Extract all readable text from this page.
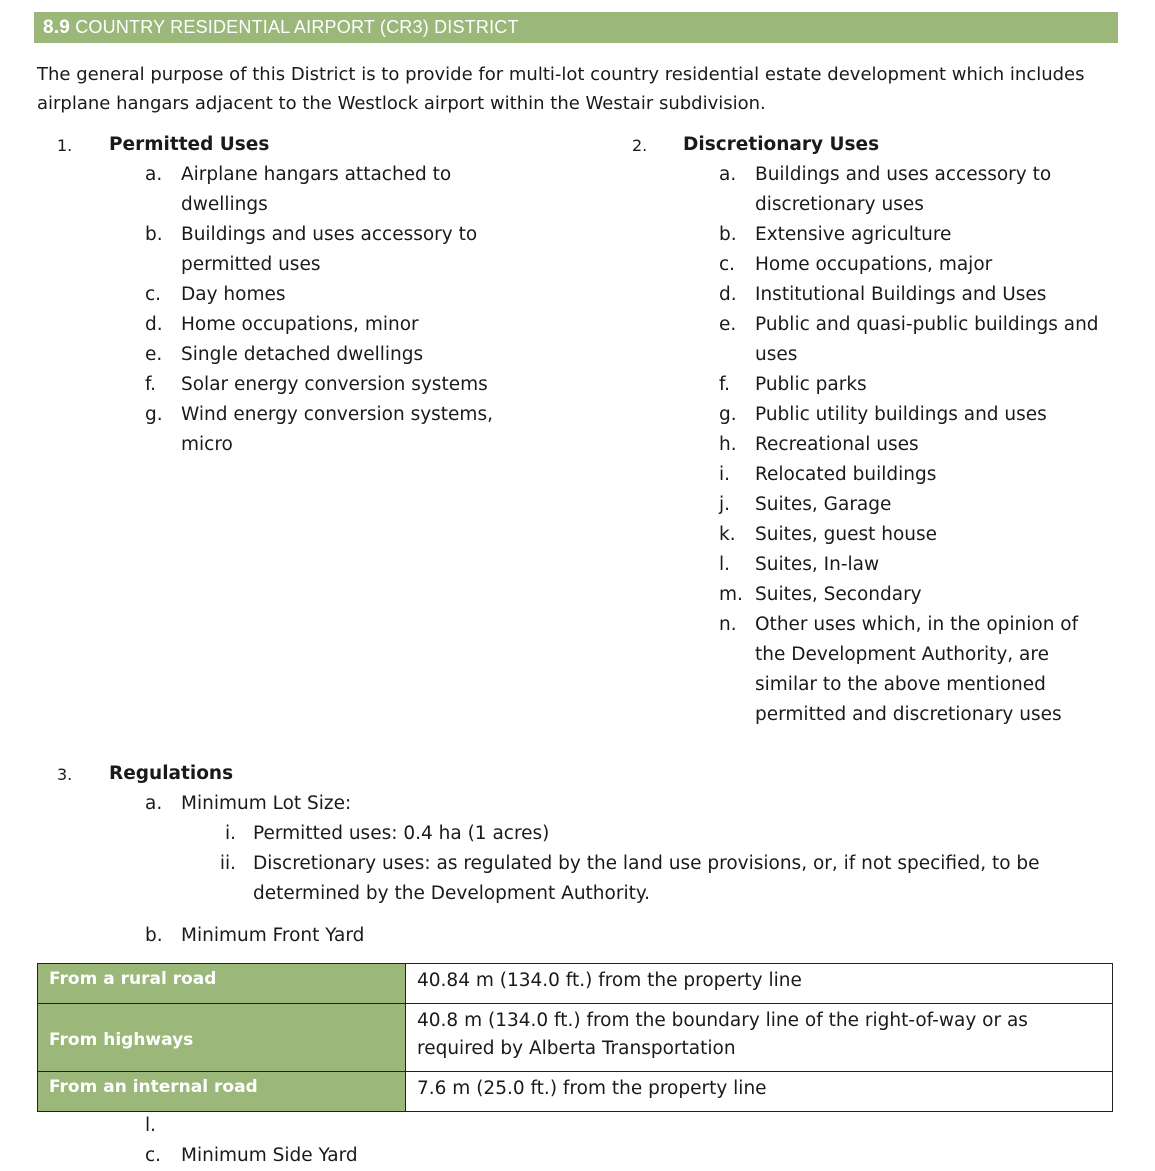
8.9 COUNTRY RESIDENTIAL AIRPORT (CR3) DISTRICT

The general purpose of this District is to provide for multi-lot country residential estate development which includes airplane hangars adjacent to the Westlock airport within the Westair subdivision.

1. Permitted Uses
a. Airplane hangars attached to
dwellings
b. Buildings and uses accessory to
permitted uses
c. Day homes
d. Home occupations, minor
e. Single detached dwellings
f. Solar energy conversion systems
g. Wind energy conversion systems,
micro
2. Discretionary Uses
a. Buildings and uses accessory to
discretionary uses
b. Extensive agriculture
c. Home occupations, major
d. Institutional Buildings and Uses
e. Public and quasi-public buildings and
uses
f. Public parks
g. Public utility buildings and uses
h. Recreational uses
i. Relocated buildings
j. Suites, Garage
k. Suites, guest house
l. Suites, In-law
m. Suites, Secondary
n. Other uses which, in the opinion of
the Development Authority, are
similar to the above mentioned
permitted and discretionary uses
3. Regulations
a. Minimum Lot Size:
i. Permitted uses: 0.4 ha (1 acres)
ii. Discretionary uses: as regulated by the land use provisions, or, if not specified, to be
determined by the Development Authority.
b. Minimum Front Yard
From a rural road	40.84 m (134.0 ft.) from the property line
From highways	40.8 m (134.0 ft.) from the boundary line of the right-of-way or as required by Alberta Transportation
From an internal road	7.6 m (25.0 ft.) from the property line
l.
c. Minimum Side Yard
